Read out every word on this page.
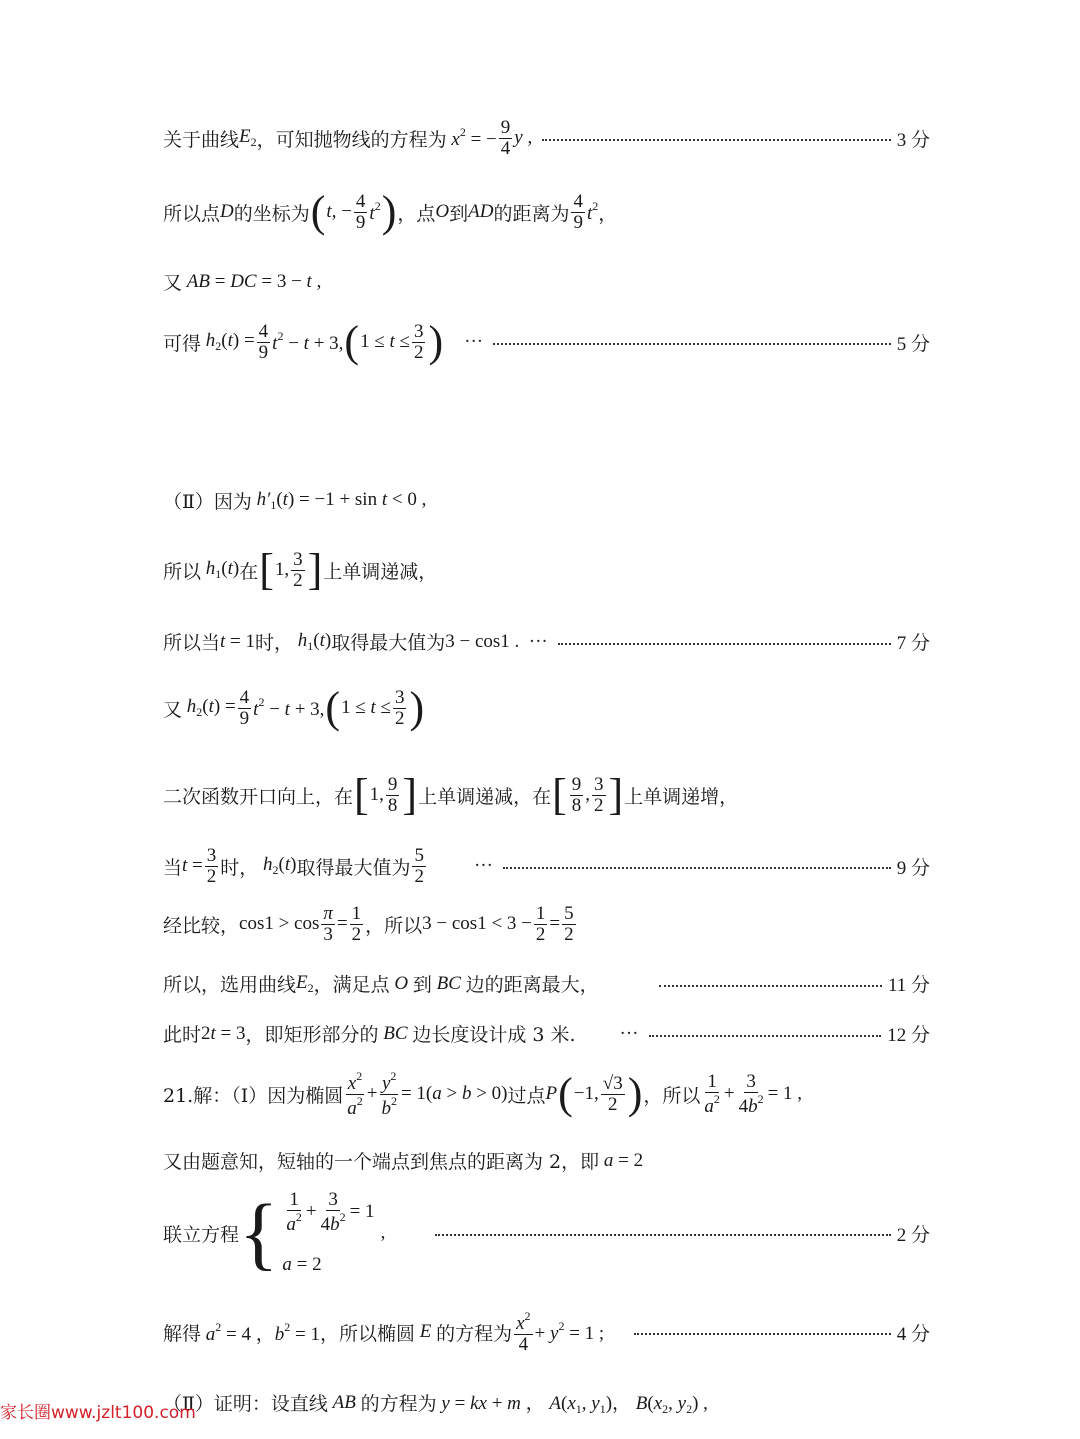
关于曲线 $E_2$ ，可知抛物线的方程为 $x^2$ = − $\frac{9}{4}$ y ,	3 分
所以点 D 的坐标为 ( t, − $\frac{4}{9} t^2$ ) ，点 O 到 AD 的距离为 $\frac{4}{9} t^2$ ，
又 AB = DC = 3 − t ,
可得 $h_2(t) = \frac{4}{9} t^2 - t + 3$, ( $1 \le t \le \frac{3}{2}$ ) ···	5 分
（Ⅱ）因为 $h'_1(t) = -1 + \sin t < 0$ ,
所以 $h_1(t)$ 在 [ 1, $\frac{3}{2}$ ] 上单调递减，
所以当 t = 1 时， $h_1(t)$ 取得最大值为 3 − cos1 .  ···	7 分
又 $h_2(t) = \frac{4}{9} t^2 - t + 3$, ( $1 \le t \le \frac{3}{2}$ )
二次函数开口向上，在 [ 1, $\frac{9}{8}$ ] 上单调递减，在 [ $\frac{9}{8}$ , $\frac{3}{2}$ ] 上单调递增，
当 $t = \frac{3}{2}$ 时， $h_2(t)$ 取得最大值为 $\frac{5}{2}$	···	9 分
经比较， $\cos 1 > \cos \frac{\pi}{3} = \frac{1}{2}$ ，所以 $3 - \cos 1 < 3 - \frac{1}{2} = \frac{5}{2}$
所以，选用曲线 $E_2$ ，满足点 O 到 BC 边的距离最大，	11 分
此时 2t = 3 ，即矩形部分的 BC 边长度设计成 3 米. ···	12 分
21.解：（Ⅰ）因为椭圆 $\frac{x^2}{a^2} + \frac{y^2}{b^2} = 1(a > b > 0)$ 过点 P ( −1, $\frac{√3}{2}$ ) ，所以 $\frac{1}{a^2} + \frac{3}{4b^2} = 1$ ,
又由题意知，短轴的一个端点到焦点的距离为 2，即 a = 2
联立方程 { $\frac{1}{a^2} + \frac{3}{4b^2} = 1$
a = 2
,	2 分
解得 $a^2 = 4$ ，$b^2 = 1$ ，所以椭圆 E 的方程为 $\frac{x^2}{4} + y^2 = 1$ ;	4 分
（Ⅱ）证明：设直线 AB 的方程为 y = kx + m ， $A(x_1$, $y_1$)， $B(x_2$, $y_2$) ,
家长圈www.jzlt100.com
